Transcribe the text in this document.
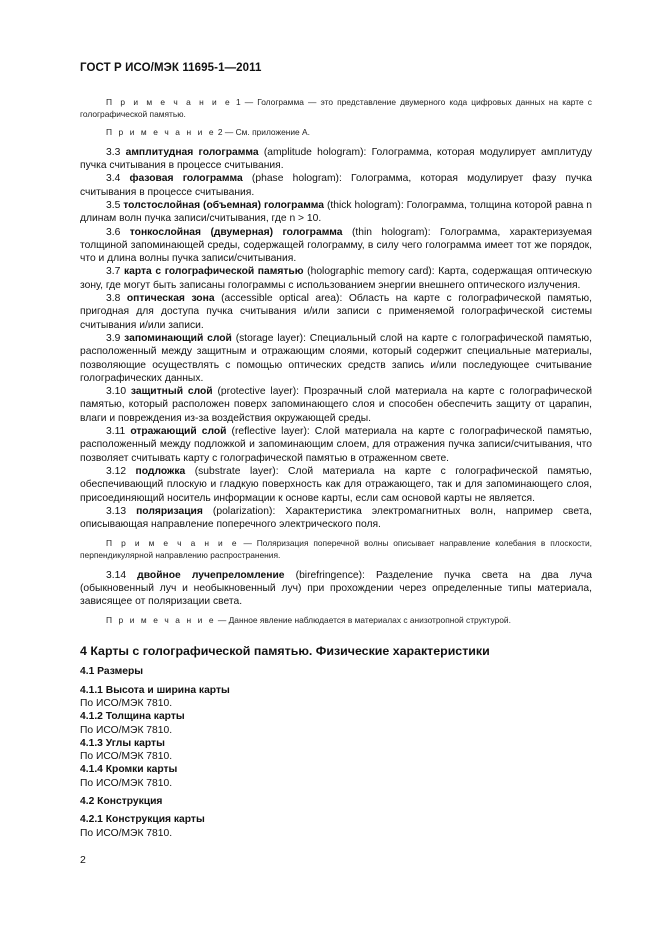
ГОСТ Р ИСО/МЭК 11695-1—2011

П р и м е ч а н и е 1 — Голограмма — это представление двумерного кода цифровых данных на карте с голографической памятью.

П р и м е ч а н и е 2 — См. приложение А.

3.3 амплитудная голограмма (amplitude hologram): Голограмма, которая модулирует амплитуду пучка считывания в процессе считывания.

3.4 фазовая голограмма (phase hologram): Голограмма, которая модулирует фазу пучка считывания в процессе считывания.

3.5 толстослойная (объемная) голограмма (thick hologram): Голограмма, толщина которой равна n длинам волн пучка записи/считывания, где n > 10.

3.6 тонкослойная (двумерная) голограмма (thin hologram): Голограмма, характеризуемая толщиной запоминающей среды, содержащей голограмму, в силу чего голограмма имеет тот же порядок, что и длина волны пучка записи/считывания.

3.7 карта с голографической памятью (holographic memory card): Карта, содержащая оптическую зону, где могут быть записаны голограммы с использованием энергии внешнего оптического излучения.

3.8 оптическая зона (accessible optical area): Область на карте с голографической памятью, пригодная для доступа пучка считывания и/или записи с применяемой голографической системы считывания и/или записи.

3.9 запоминающий слой (storage layer): Специальный слой на карте с голографической памятью, расположенный между защитным и отражающим слоями, который содержит специальные материалы, позволяющие осуществлять с помощью оптических средств запись и/или последующее считывание голографических данных.

3.10 защитный слой (protective layer): Прозрачный слой материала на карте с голографической памятью, который расположен поверх запоминающего слоя и способен обеспечить защиту от царапин, влаги и повреждения из-за воздействия окружающей среды.

3.11 отражающий слой (reflective layer): Слой материала на карте с голографической памятью, расположенный между подложкой и запоминающим слоем, для отражения пучка записи/считывания, что позволяет считывать карту с голографической памятью в отраженном свете.

3.12 подложка (substrate layer): Слой материала на карте с голографической памятью, обеспечивающий плоскую и гладкую поверхность как для отражающего, так и для запоминающего слоя, присоединяющий носитель информации к основе карты, если сам основой карты не является.

3.13 поляризация (polarization): Характеристика электромагнитных волн, например света, описывающая направление поперечного электрического поля.

П р и м е ч а н и е — Поляризация поперечной волны описывает направление колебания в плоскости, перпендикулярной направлению распространения.

3.14 двойное лучепреломление (birefringence): Разделение пучка света на два луча (обыкновенный луч и необыкновенный луч) при прохождении через определенные типы материала, зависящее от поляризации света.

П р и м е ч а н и е — Данное явление наблюдается в материалах с анизотропной структурой.

4 Карты с голографической памятью. Физические характеристики

4.1 Размеры

4.1.1 Высота и ширина карты

По ИСО/МЭК 7810.

4.1.2 Толщина карты

По ИСО/МЭК 7810.

4.1.3 Углы карты

По ИСО/МЭК 7810.

4.1.4 Кромки карты

По ИСО/МЭК 7810.

4.2 Конструкция

4.2.1 Конструкция карты

По ИСО/МЭК 7810.

2
